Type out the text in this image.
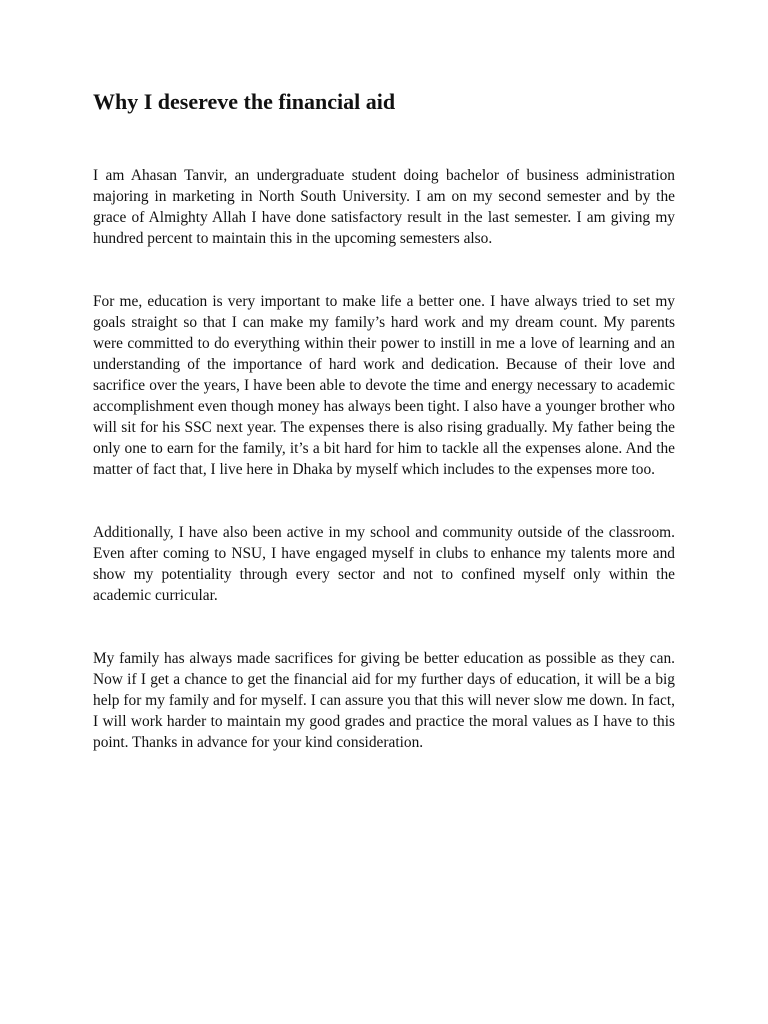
Why I desereve the financial aid

I am Ahasan Tanvir, an undergraduate student doing bachelor of business administration majoring in marketing in North South University. I am on my second semester and by the grace of Almighty Allah I have done satisfactory result in the last semester. I am giving my hundred percent to maintain this in the upcoming semesters also.

For me, education is very important to make life a better one. I have always tried to set my goals straight so that I can make my family’s hard work and my dream count. My parents were committed to do everything within their power to instill in me a love of learning and an understanding of the importance of hard work and dedication. Because of their love and sacrifice over the years, I have been able to devote the time and energy necessary to academic accomplishment even though money has always been tight. I also have a younger brother who will sit for his SSC next year. The expenses there is also rising gradually. My father being the only one to earn for the family, it’s a bit hard for him to tackle all the expenses alone. And the matter of fact that, I live here in Dhaka by myself which includes to the expenses more too.

Additionally, I have also been active in my school and community outside of the classroom. Even after coming to NSU, I have engaged myself in clubs to enhance my talents more and show my potentiality through every sector and not to confined myself only within the academic curricular.

My family has always made sacrifices for giving be better education as possible as they can. Now if I get a chance to get the financial aid for my further days of education, it will be a big help for my family and for myself. I can assure you that this will never slow me down. In fact, I will work harder to maintain my good grades and practice the moral values as I have to this point. Thanks in advance for your kind consideration.
